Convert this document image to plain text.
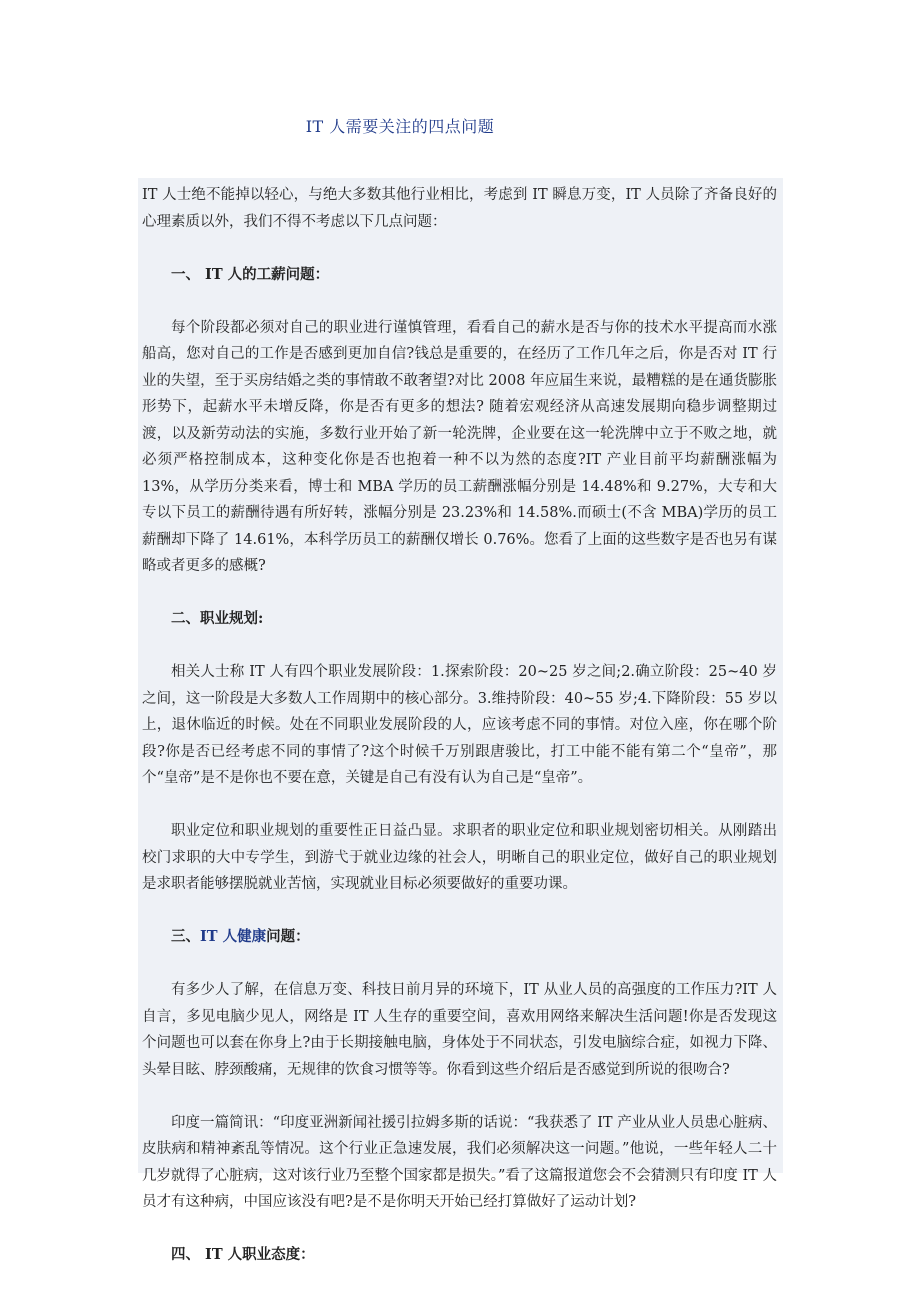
IT 人需要关注的四点问题

IT 人士绝不能掉以轻心，与绝大多数其他行业相比，考虑到 IT 瞬息万变，IT 人员除了齐备良好的心理素质以外，我们不得不考虑以下几点问题：

一、 IT 人的工薪问题：

每个阶段都必须对自己的职业进行谨慎管理，看看自己的薪水是否与你的技术水平提高而水涨船高，您对自己的工作是否感到更加自信?钱总是重要的，在经历了工作几年之后，你是否对 IT 行业的失望，至于买房结婚之类的事情敢不敢奢望?对比 2008 年应届生来说，最糟糕的是在通货膨胀形势下，起薪水平未增反降，你是否有更多的想法? 随着宏观经济从高速发展期向稳步调整期过渡，以及新劳动法的实施，多数行业开始了新一轮洗牌，企业要在这一轮洗牌中立于不败之地，就必须严格控制成本，这种变化你是否也抱着一种不以为然的态度?IT 产业目前平均薪酬涨幅为 13%，从学历分类来看，博士和 MBA 学历的员工薪酬涨幅分别是 14.48%和 9.27%，大专和大专以下员工的薪酬待遇有所好转，涨幅分别是 23.23%和 14.58%.而硕士(不含 MBA)学历的员工薪酬却下降了 14.61%，本科学历员工的薪酬仅增长 0.76%。您看了上面的这些数字是否也另有谋略或者更多的感概?

二、职业规划:

相关人士称 IT 人有四个职业发展阶段：1.探索阶段：20~25 岁之间;2.确立阶段：25~40 岁之间，这一阶段是大多数人工作周期中的核心部分。3.维持阶段：40~55 岁;4.下降阶段：55 岁以上，退休临近的时候。处在不同职业发展阶段的人，应该考虑不同的事情。对位入座，你在哪个阶段?你是否已经考虑不同的事情了?这个时候千万别跟唐骏比，打工中能不能有第二个“皇帝”，那个“皇帝”是不是你也不要在意，关键是自己有没有认为自己是“皇帝”。

职业定位和职业规划的重要性正日益凸显。求职者的职业定位和职业规划密切相关。从刚踏出校门求职的大中专学生，到游弋于就业边缘的社会人，明晰自己的职业定位，做好自己的职业规划是求职者能够摆脱就业苦恼，实现就业目标必须要做好的重要功课。

三、IT 人健康问题：

有多少人了解，在信息万变、科技日前月异的环境下，IT 从业人员的高强度的工作压力?IT 人自言，多见电脑少见人，网络是 IT 人生存的重要空间，喜欢用网络来解决生活问题!你是否发现这个问题也可以套在你身上?由于长期接触电脑，身体处于不同状态，引发电脑综合症，如视力下降、头晕目眩、脖颈酸痛，无规律的饮食习惯等等。你看到这些介绍后是否感觉到所说的很吻合?

印度一篇简讯：“印度亚洲新闻社援引拉姆多斯的话说：“我获悉了 IT 产业从业人员患心脏病、皮肤病和精神紊乱等情况。这个行业正急速发展，我们必须解决这一问题。”他说，一些年轻人二十几岁就得了心脏病，这对该行业乃至整个国家都是损失。”看了这篇报道您会不会猜测只有印度 IT 人员才有这种病，中国应该没有吧?是不是你明天开始已经打算做好了运动计划?

四、 IT 人职业态度：
